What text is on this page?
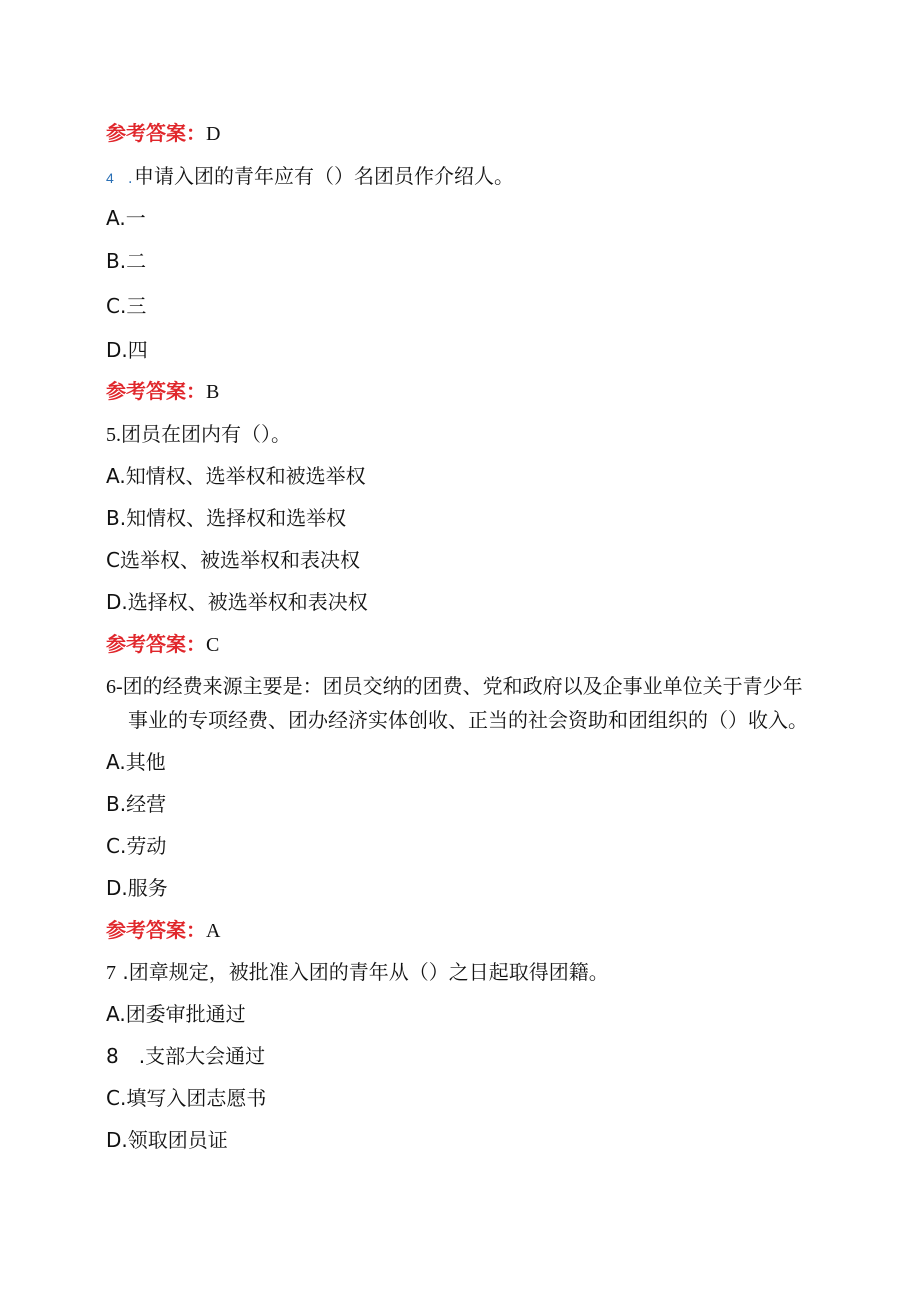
参考答案：D
4 .申请入团的青年应有（）名团员作介绍人。
A.一
B.二
C.三
D.四
参考答案：B
5.团员在团内有（）。
A.知情权、选举权和被选举权
B.知情权、选择权和选举权
C选举权、被选举权和表决权
D.选择权、被选举权和表决权
参考答案：C
6-团的经费来源主要是：团员交纳的团费、党和政府以及企事业单位关于青少年
事业的专项经费、团办经济实体创收、正当的社会资助和团组织的（）收入。
A.其他
B.经营
C.劳动
D.服务
参考答案：A
7 .团章规定，被批准入团的青年从（）之日起取得团籍。
A.团委审批通过
8　.支部大会通过
C.填写入团志愿书
D.领取团员证
